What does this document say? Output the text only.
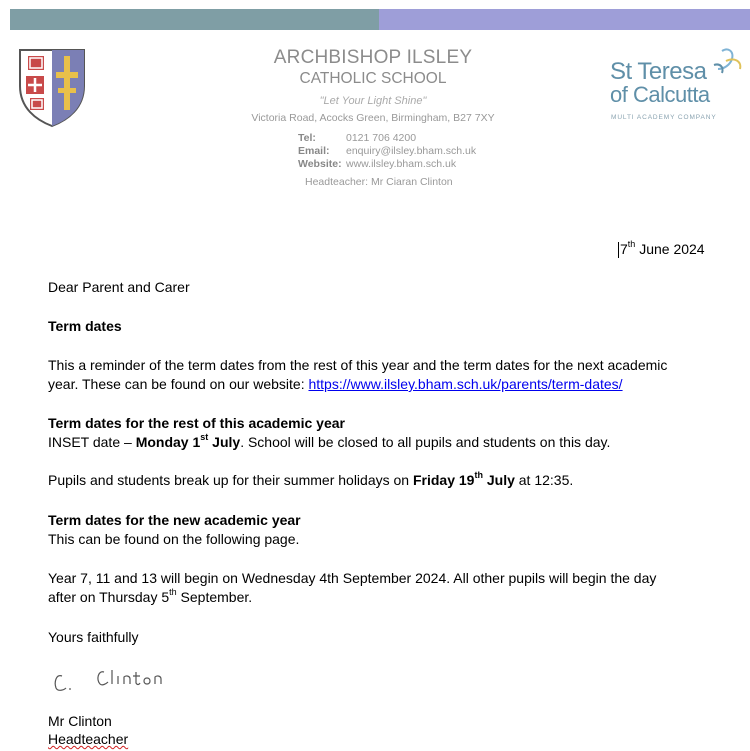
ARCHBISHOP ILSLEY
CATHOLIC SCHOOL
"Let Your Light Shine"
Victoria Road, Acocks Green, Birmingham, B27 7XY
Tel:	0121 706 4200
Email: enquiry@ilsley.bham.sch.uk
Website: www.ilsley.bham.sch.uk
Headteacher: Mr Ciaran Clinton
St Teresa
of Calcutta
MULTI ACADEMY COMPANY
7th June 2024
Dear Parent and Carer
Term dates
This a reminder of the term dates from the rest of this year and the term dates for the next academic
year. These can be found on our website: https://www.ilsley.bham.sch.uk/parents/term-dates/
Term dates for the rest of this academic year
INSET date – Monday 1st July. School will be closed to all pupils and students on this day.
Pupils and students break up for their summer holidays on Friday 19th July at 12:35.
Term dates for the new academic year
This can be found on the following page.
Year 7, 11 and 13 will begin on Wednesday 4th September 2024. All other pupils will begin the day
after on Thursday 5th September.
Yours faithfully
Mr Clinton
Headteacher
